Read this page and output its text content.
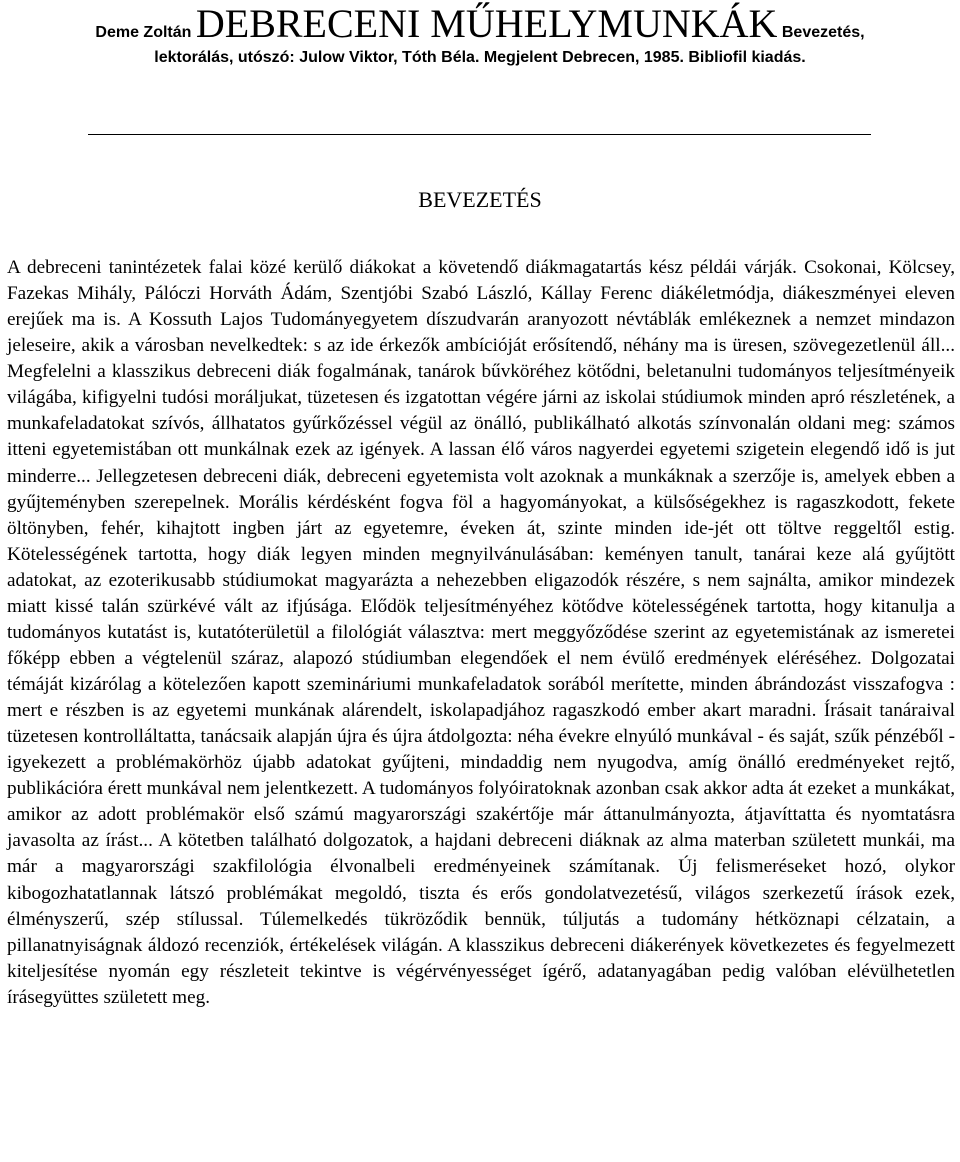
Deme Zoltán DEBRECENI MŰHELYMUNKÁK Bevezetés,
lektorálás, utószó: Julow Viktor, Tóth Béla. Megjelent Debrecen, 1985. Bibliofil kiadás.
BEVEZETÉS

A debreceni tanintézetek falai közé kerülő diákokat a követendő diákmagatartás kész példái várják. Csokonai, Kölcsey, Fazekas Mihály, Pálóczi Horváth Ádám, Szentjóbi Szabó László, Kállay Ferenc diákéletmódja, diákeszményei eleven erejűek ma is. A Kossuth Lajos Tudományegyetem díszudvarán aranyozott névtáblák emlékeznek a nemzet mindazon jeleseire, akik a városban nevelkedtek: s az ide érkezők ambícióját erősítendő, néhány ma is üresen, szövegezetlenül áll... Megfelelni a klasszikus debreceni diák fogalmának, tanárok bűvköréhez kötődni, beletanulni tudományos teljesítményeik világába, kifigyelni tudósi moráljukat, tüzetesen és izgatottan végére járni az iskolai stúdiumok minden apró részletének, a munkafeladatokat szívós, állhatatos gyűrkőzéssel végül az önálló, publikálható alkotás színvonalán oldani meg: számos itteni egyetemistában ott munkálnak ezek az igények. A lassan élő város nagyerdei egyetemi szigetein elegendő idő is jut minderre... Jellegzetesen debreceni diák, debreceni egyetemista volt azoknak a munkáknak a szerzője is, amelyek ebben a gyűjteményben szerepelnek. Morális kérdésként fogva föl a hagyományokat, a külsőségekhez is ragaszkodott, fekete öltönyben, fehér, kihajtott ingben járt az egyetemre, éveken át, szinte minden ide-jét ott töltve reggeltől estig. Kötelességének tartotta, hogy diák legyen minden megnyilvánulásában: keményen tanult, tanárai keze alá gyűjtött adatokat, az ezoterikusabb stúdiumokat magyarázta a nehezebben eligazodók részére, s nem sajnálta, amikor mindezek miatt kissé talán szürkévé vált az ifjúsága. Elődök teljesítményéhez kötődve kötelességének tartotta, hogy kitanulja a tudományos kutatást is, kutatóterületül a filológiát választva: mert meggyőződése szerint az egyetemistának az ismeretei főképp ebben a végtelenül száraz, alapozó stúdiumban elegendőek el nem évülő eredmények eléréséhez. Dolgozatai témáját kizárólag a kötelezően kapott szemináriumi munkafeladatok sorából merítette, minden ábrándozást visszafogva : mert e részben is az egyetemi munkának alárendelt, iskolapadjához ragaszkodó ember akart maradni. Írásait tanáraival tüzetesen kontrolláltatta, tanácsaik alapján újra és újra átdolgozta: néha évekre elnyúló munkával - és saját, szűk pénzéből - igyekezett a problémakörhöz újabb adatokat gyűjteni, mindaddig nem nyugodva, amíg önálló eredményeket rejtő, publikációra érett munkával nem jelentkezett. A tudományos folyóiratoknak azonban csak akkor adta át ezeket a munkákat, amikor az adott problémakör első számú magyarországi szakértője már áttanulmányozta, átjavíttatta és nyomtatásra javasolta az írást... A kötetben található dolgozatok, a hajdani debreceni diáknak az alma materban született munkái, ma már a magyarországi szakfilológia élvonalbeli eredményeinek számítanak. Új felismeréseket hozó, olykor kibogozhatatlannak látszó problémákat megoldó, tiszta és erős gondolatvezetésű, világos szerkezetű írások ezek, élményszerű, szép stílussal. Túlemelkedés tükröződik bennük, túljutás a tudomány hétköznapi célzatain, a pillanatnyiságnak áldozó recenziók, értékelések világán. A klasszikus debreceni diákerények következetes és fegyelmezett kiteljesítése nyomán egy részleteit tekintve is végérvényességet ígérő, adatanyagában pedig valóban elévülhetetlen írásegyüttes született meg.
